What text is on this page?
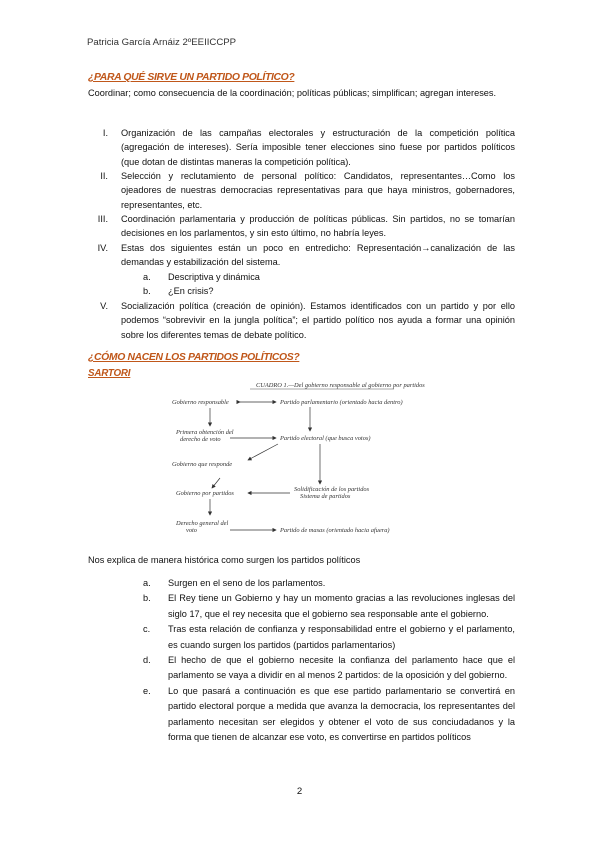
Patricia García Arnáiz 2ºEEIICCPP
¿PARA QUÉ SIRVE UN PARTIDO POLÍTICO?

Coordinar; como consecuencia de la coordinación; políticas públicas; simplifican; agregan intereses.

I. Organización de las campañas electorales y estructuración de la competición política (agregación de intereses). Sería imposible tener elecciones sino fuese por partidos políticos (que dotan de distintas maneras la competición política).
II. Selección y reclutamiento de personal político: Candidatos, representantes…Como los ojeadores de nuestras democracias representativas para que haya ministros, gobernadores, representantes, etc.
III. Coordinación parlamentaria y producción de políticas públicas. Sin partidos, no se tomarían decisiones en los parlamentos, y sin esto último, no habría leyes.
IV. Estas dos siguientes están un poco en entredicho: Representación→canalización de las demandas y estabilización del sistema.
V. Socialización política (creación de opinión). Estamos identificados con un partido y por ello podemos “sobrevivir en la jungla política”; el partido político nos ayuda a formar una opinión sobre los diferentes temas de debate político.
a. Descriptiva y dinámica
b. ¿En crisis?
¿CÓMO NACEN LOS PARTIDOS POLÍTICOS?
SARTORI
CUADRO 1.—Del gobierno responsable al gobierno por partidos
Gobierno responsable	Partido parlamentario (orientado hacia dentro)
Primera obtención del
derecho de voto	Partido electoral (que busca votos)
Gobierno que responde
Gobierno por partidos
Solidificación de los partidos
Sistema de partidos
Derecho general del
voto	Partido de masas (orientado hacia afuera)

Nos explica de manera histórica como surgen los partidos políticos

a. Surgen en el seno de los parlamentos.
b. El Rey tiene un Gobierno y hay un momento gracias a las revoluciones inglesas del siglo 17, que el rey necesita que el gobierno sea responsable ante el gobierno.
c. Tras esta relación de confianza y responsabilidad entre el gobierno y el parlamento, es cuando surgen los partidos (partidos parlamentarios)
d. El hecho de que el gobierno necesite la confianza del parlamento hace que el parlamento se vaya a dividir en al menos 2 partidos: de la oposición y del gobierno.
e. Lo que pasará a continuación es que ese partido parlamentario se convertirá en partido electoral porque a medida que avanza la democracia, los representantes del parlamento necesitan ser elegidos y obtener el voto de sus conciudadanos y la forma que tienen de alcanzar ese voto, es convertirse en partidos políticos
2
